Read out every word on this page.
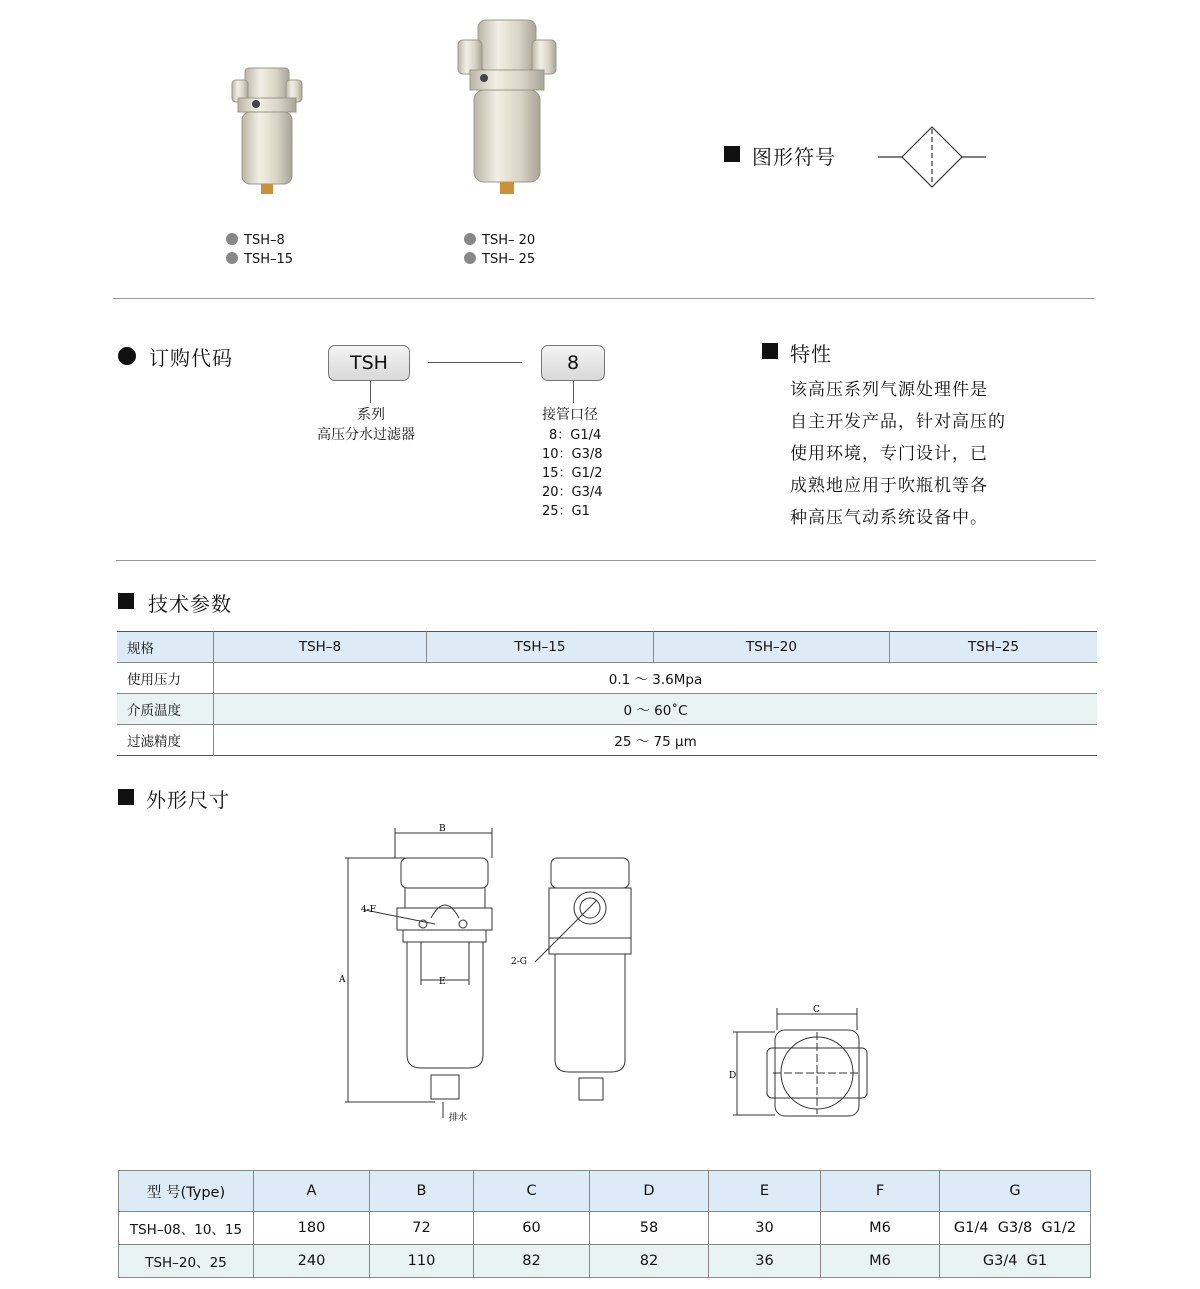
TSH–8
TSH–15
TSH– 20
TSH– 25
图形符号
订购代码	TSH	8
系列
高压分水过滤器
接管口径
8：G1/4
10：G3/8
15：G1/2
20：G3/4
25：G1
特性
该高压系列气源处理件是
自主开发产品，针对高压的
使用环境，专门设计，已
成熟地应用于吹瓶机等各
种高压气动系统设备中。
技术参数
规格	TSH–8	TSH–15	TSH–20	TSH–25
使用压力	0.1 ～ 3.6Mpa			
介质温度	0 ～ 60˚C			
过滤精度	25 ～ 75 μm			
外形尺寸
B
A	E
4-F
排水
2-G
C
D
型 号(Type)	A	B	C	D	E	F	G
TSH–08、10、15	180	72	60	58	30	M6	G1/4  G3/8  G1/2
TSH–20、25	240	110	82	82	36	M6	G3/4  G1
